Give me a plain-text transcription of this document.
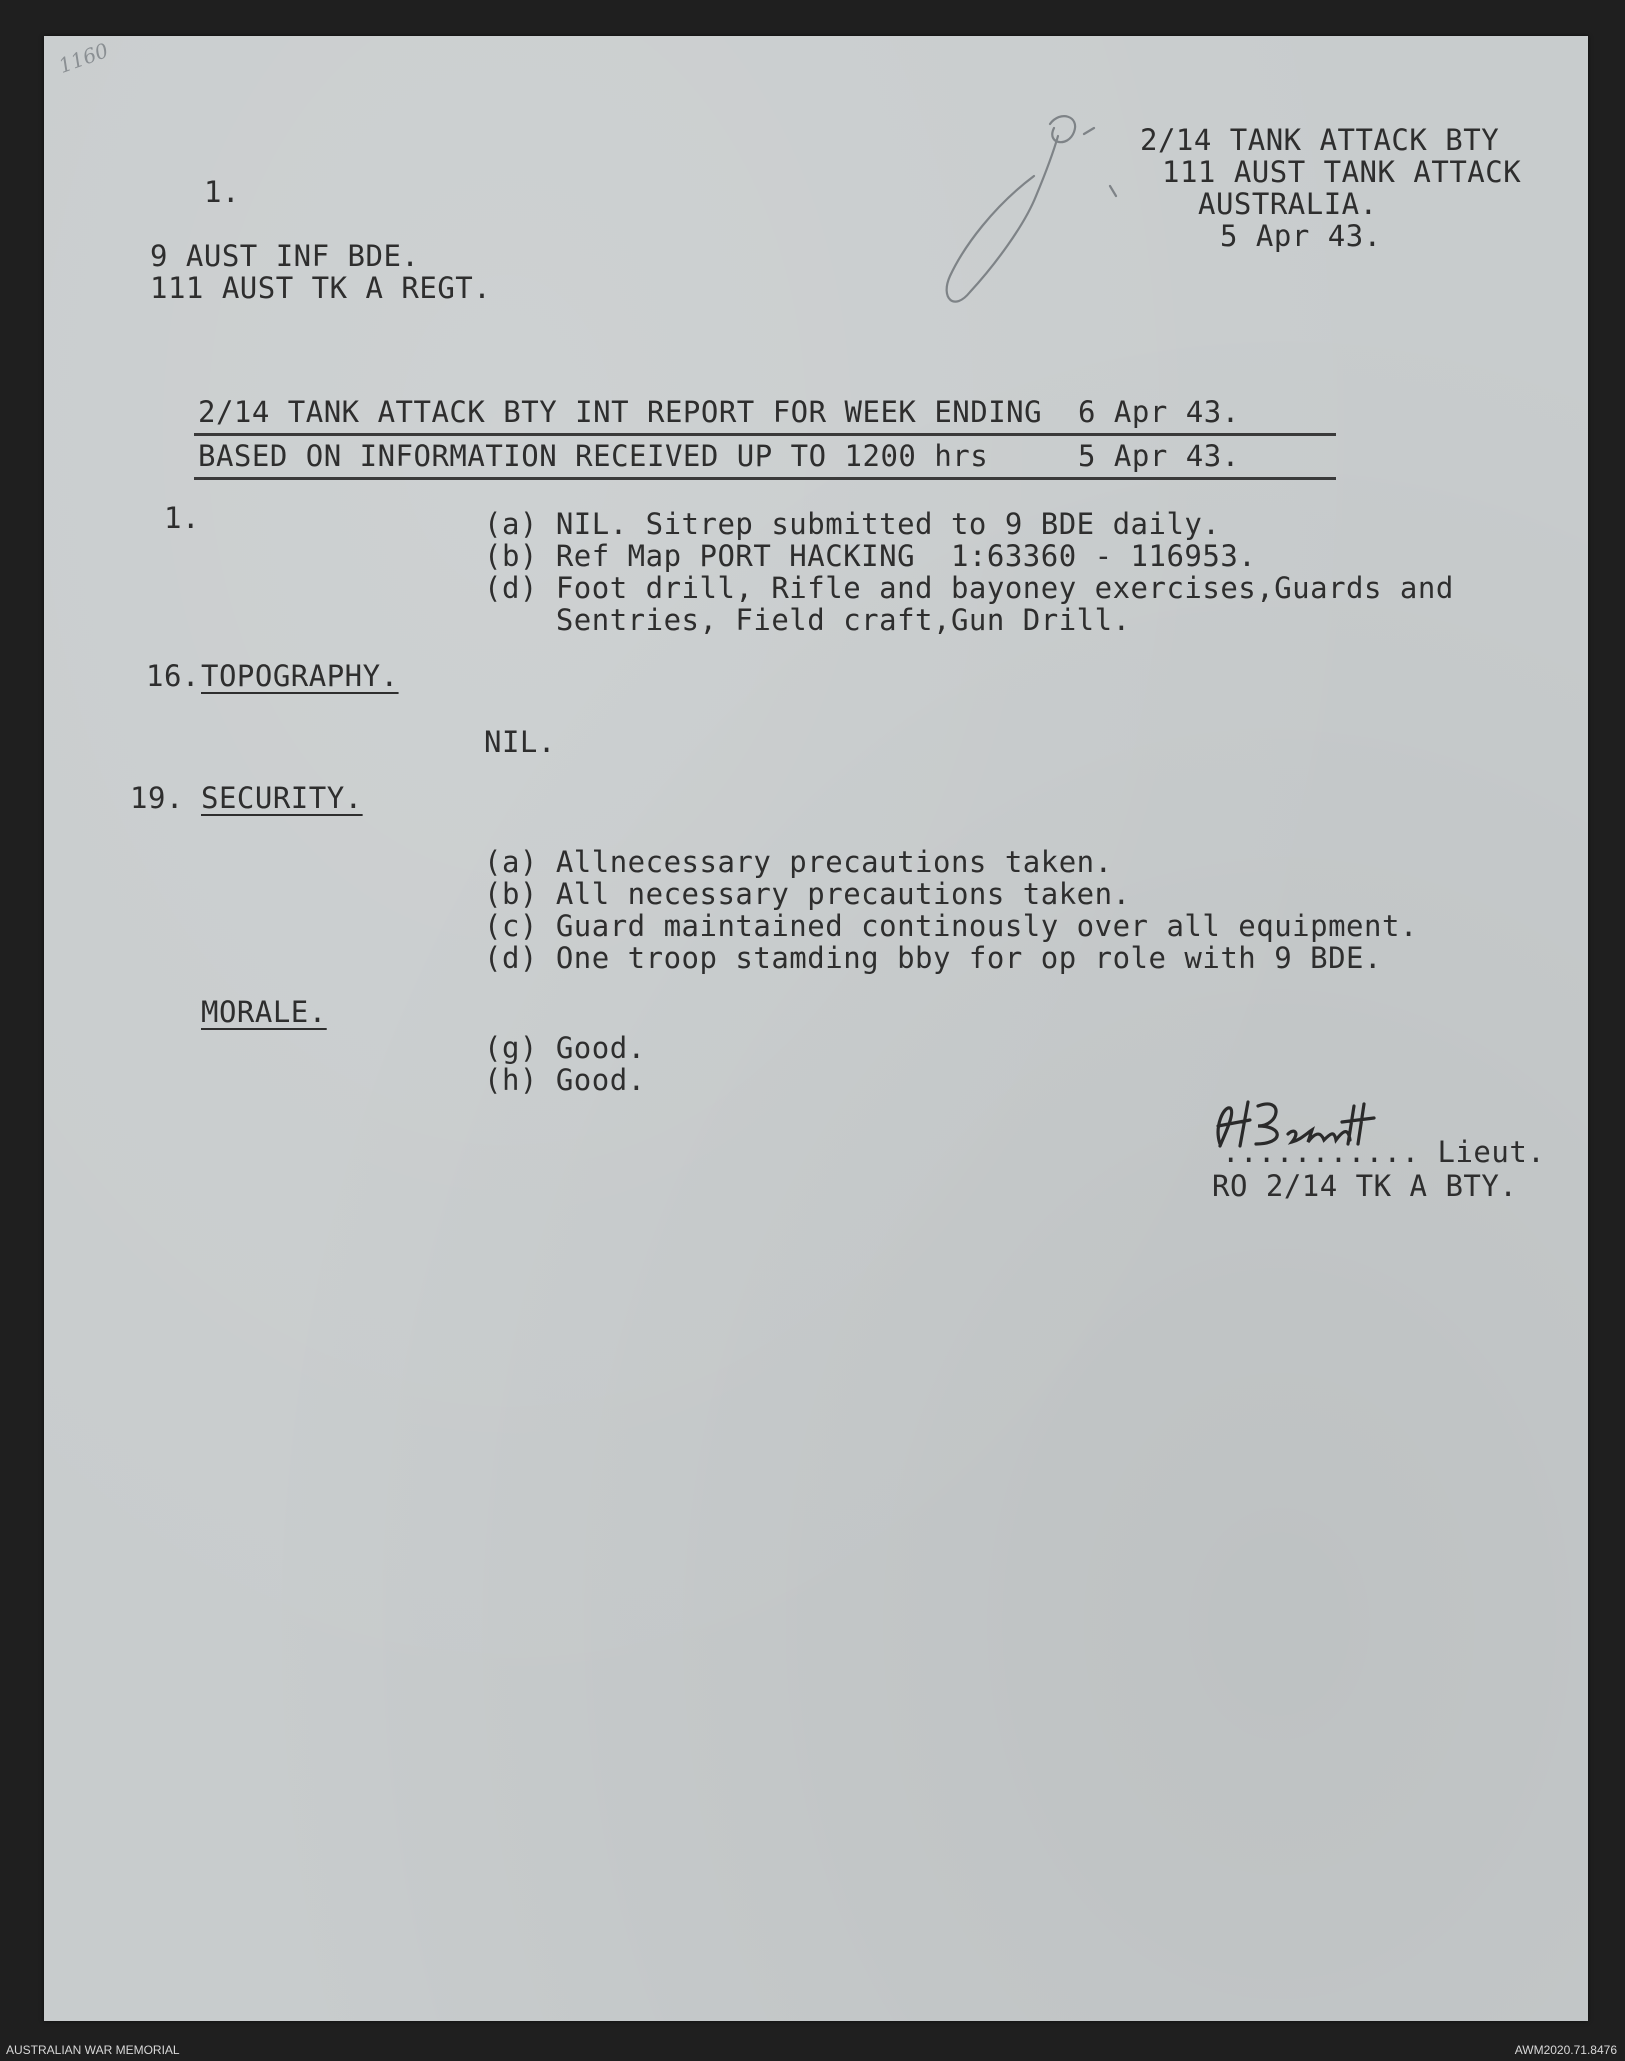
1160
1.
2/14 TANK ATTACK BTY
111 AUST TANK ATTACK
AUSTRALIA.
5 Apr 43.
9 AUST INF BDE.
111 AUST TK A REGT.
2/14 TANK ATTACK BTY INT REPORT FOR WEEK ENDING  6 Apr 43.
BASED ON INFORMATION RECEIVED UP TO 1200 hrs     5 Apr 43.
1.	(a) NIL. Sitrep submitted to 9 BDE daily.
(b) Ref Map PORT HACKING  1:63360 - 116953.
(d) Foot drill, Rifle and bayoney exercises,Guards and
Sentries, Field craft,Gun Drill.
16. TOPOGRAPHY.
NIL.
19. SECURITY.
(a) Allnecessary precautions taken.
(b) All necessary precautions taken.
(c) Guard maintained continously over all equipment.
(d) One troop stamding bby for op role with 9 BDE.
MORALE.
(g) Good.
(h) Good.
........... Lieut.
RO 2/14 TK A BTY.
AUSTRALIAN WAR MEMORIAL	AWM2020.71.8476
